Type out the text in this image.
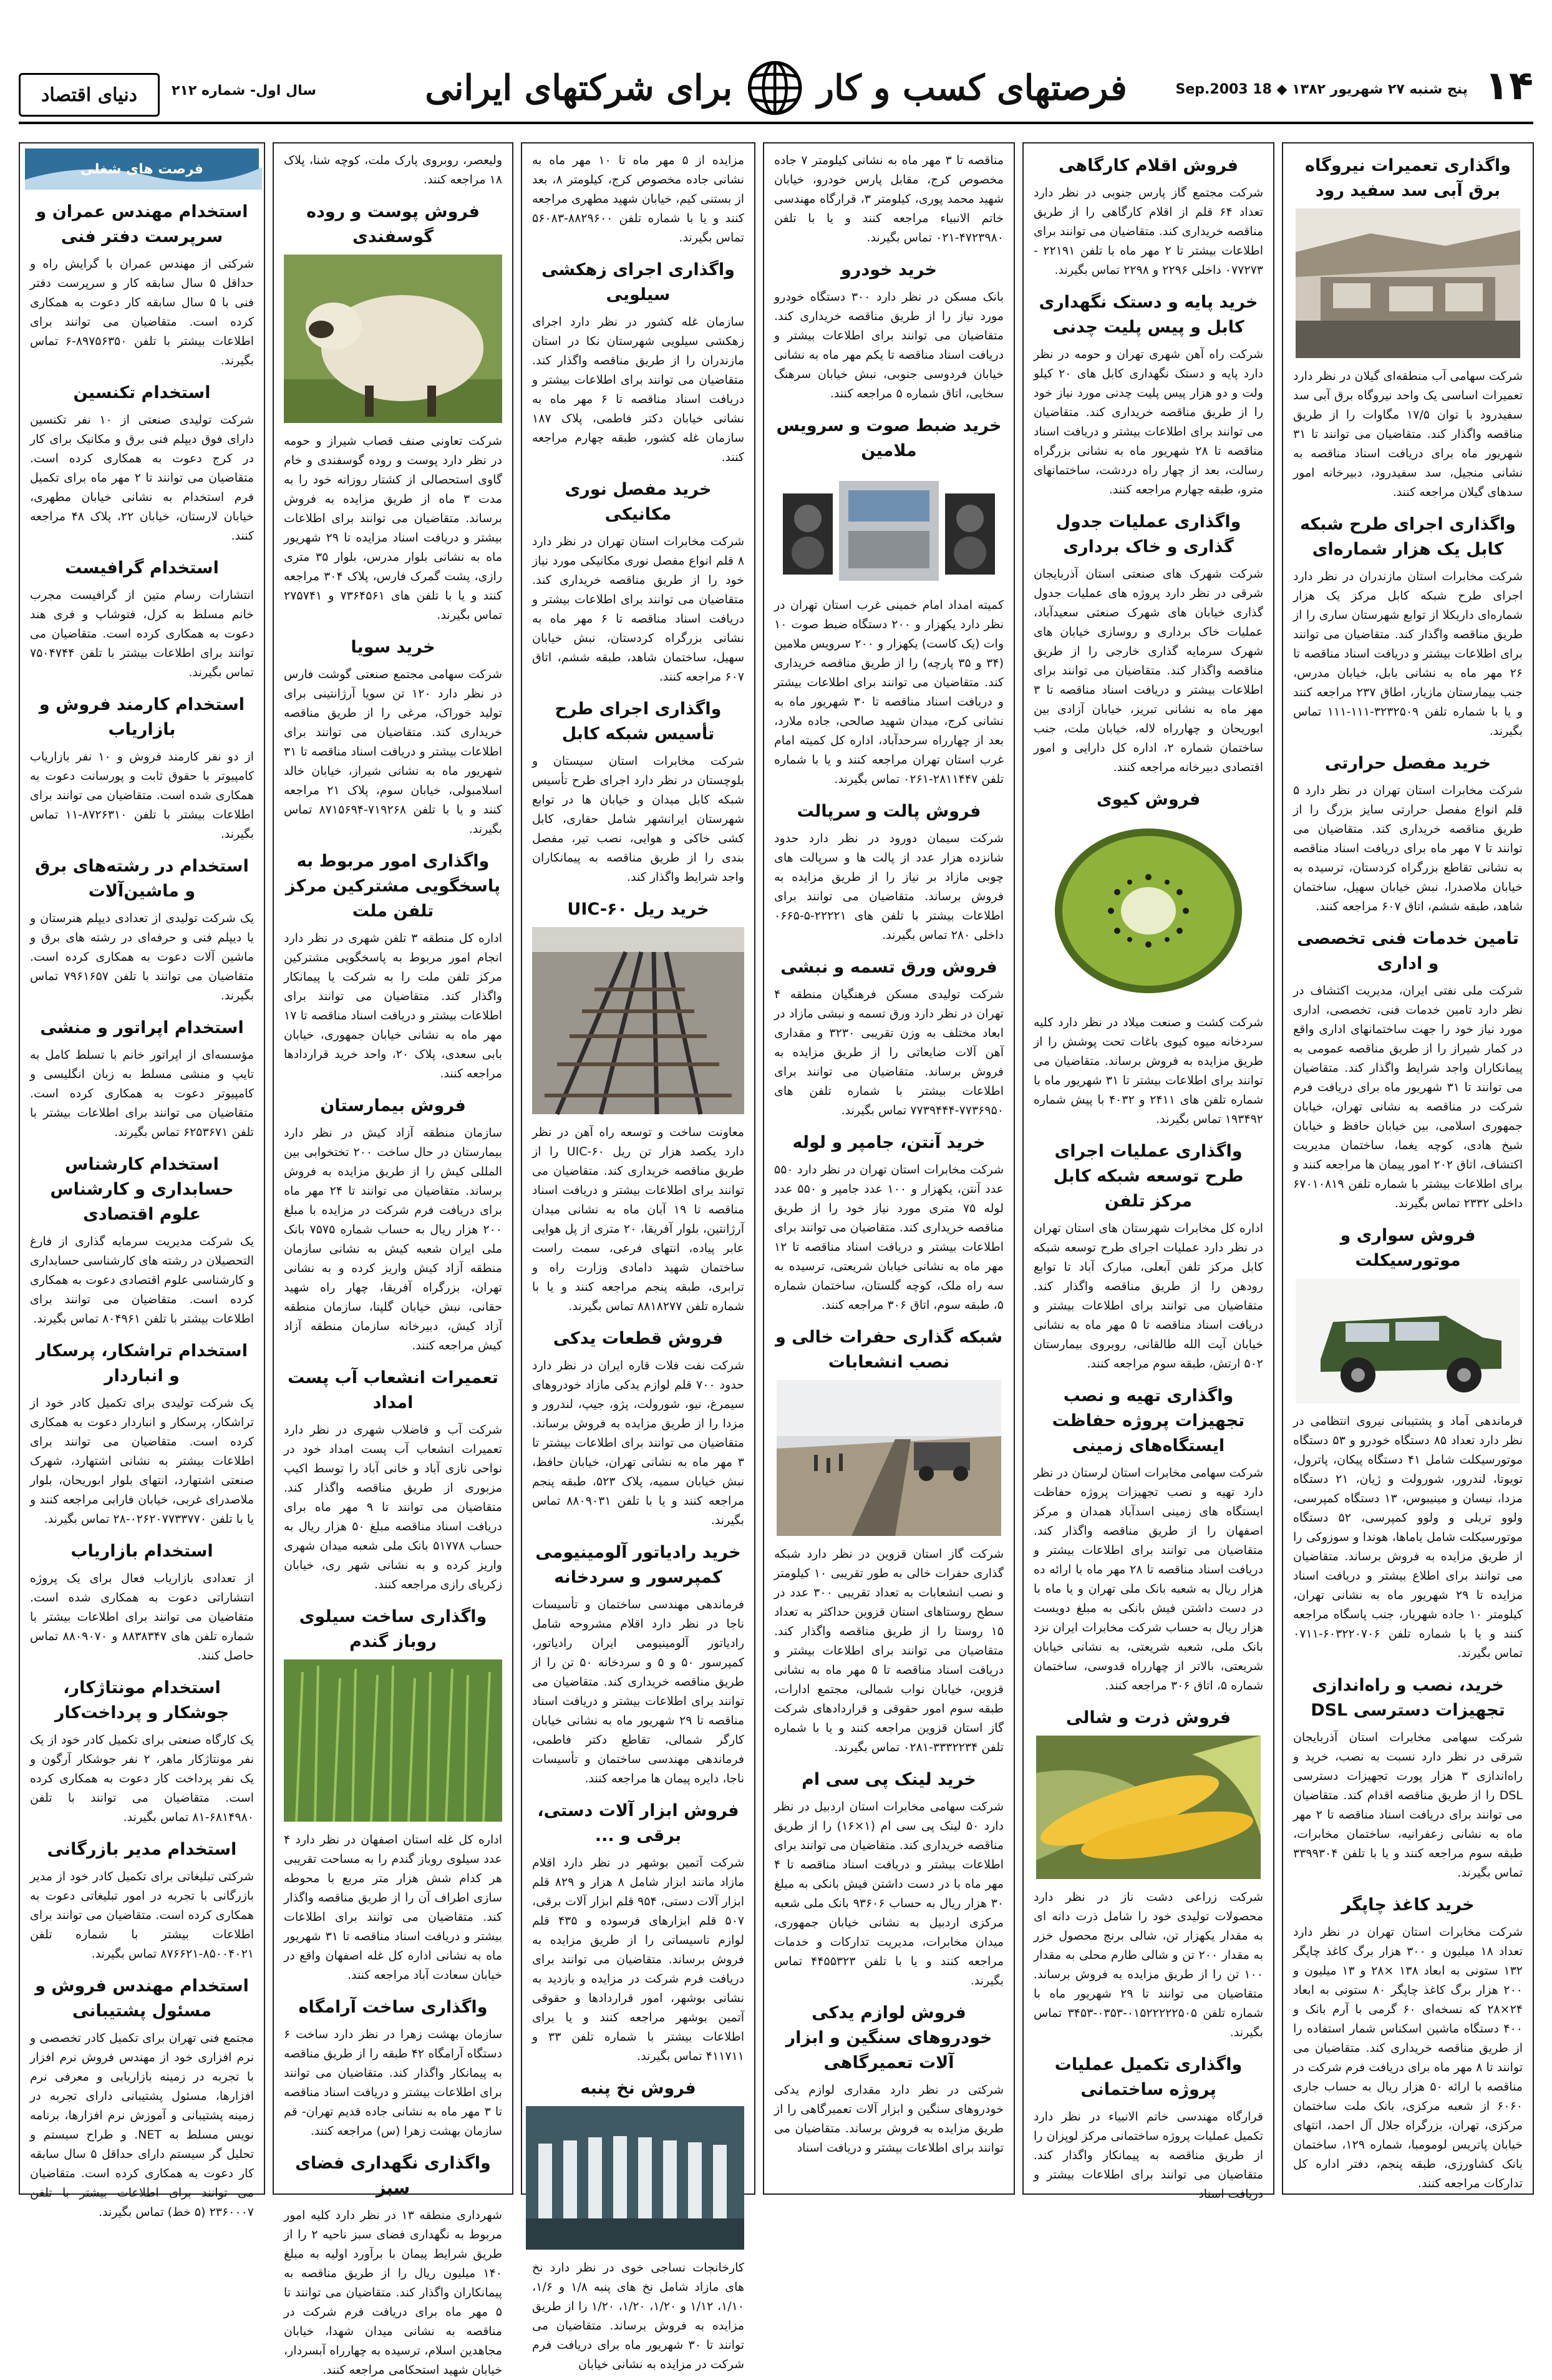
۱۴
پنج شنبه ۲۷ شهریور ۱۳۸۲ ◆ 18 Sep.2003
فرصتهای کسب و کار
برای شرکتهای ایرانی
سال اول- شماره ۲۱۲
دنیای اقتصاد
واگذاری تعمیرات نیروگاه برق آبی سد سفید رود

شرکت سهامی آب منطقه‌ای گیلان در نظر دارد تعمیرات اساسی یک واحد نیروگاه برق آبی سد سفیدرود با توان ۱۷/۵ مگاوات را از طریق مناقصه واگذار کند. متقاضیان می توانند تا ۳۱ شهریور ماه برای دریافت اسناد مناقصه به نشانی منجیل، سد سفیدرود، دبیرخانه امور سدهای گیلان مراجعه کنند.

واگذاری اجرای طرح شبکه کابل یک هزار شماره‌ای

شرکت مخابرات استان مازندران در نظر دارد اجرای طرح شبکه کابل مرکز یک هزار شماره‌ای داریکلا از توابع شهرستان ساری را از طریق مناقصه واگذار کند. متقاضیان می توانند برای اطلاعات بیشتر و دریافت اسناد مناقصه تا ۲۶ مهر ماه به نشانی بابل، خیابان مدرس، جنب بیمارستان مازیار، اطاق ۲۳۷ مراجعه کنند و یا با شماره تلفن ۳۲۳۲۵۰۹-۱۱۱-۱۱۱ تماس بگیرند.

خرید مفصل حرارتی

شرکت مخابرات استان تهران در نظر دارد ۵ قلم انواع مفصل حرارتی سایز بزرگ را از طریق مناقصه خریداری کند. متقاضیان می توانند تا ۷ مهر ماه برای دریافت اسناد مناقصه به نشانی تقاطع بزرگراه کردستان، ترسیده به خیابان ملاصدرا، نبش خیابان سهیل، ساختمان شاهد، طبقه ششم، اتاق ۶۰۷ مراجعه کنند.

تامین خدمات فنی تخصصی و اداری

شرکت ملی نفتی ایران، مدیریت اکتشاف در نظر دارد تامین خدمات فنی، تخصصی، اداری مورد نیاز خود را جهت ساختمانهای اداری واقع در کمار شیراز را از طریق مناقصه عمومی به پیمانکاران واجد شرایط واگذار کند. متقاضیان می توانند تا ۳۱ شهریور ماه برای دریافت فرم شرکت در مناقصه به نشانی تهران، خیابان جمهوری اسلامی، بین خیابان حافظ و خیابان شیخ هادی، کوچه یغما، ساختمان مدیریت اکتشاف، اتاق ۲۰۲ امور پیمان ها مراجعه کنند و برای اطلاعات بیشتر با شماره تلفن ۶۷۰۱۰۸۱۹ داخلی ۲۳۳۲ تماس بگیرند.

فروش سواری و موتورسیکلت

فرماندهی آماد و پشتیبانی نیروی انتظامی در نظر دارد تعداد ۸۵ دستگاه خودرو و ۵۳ دستگاه موتورسیکلت شامل ۴۱ دستگاه پیکان، پاترول، تویوتا، لندرور، شورولت و ژیان، ۲۱ دستگاه مزدا، نیسان و مینیبوس، ۱۳ دستگاه کمپرسی، ولوو تریلی و ولوو کمپرسی، ۵۲ دستگاه موتورسیکلت شامل یاماها، هوندا و سوزوکی را از طریق مزایده به فروش برساند. متقاضیان می توانند برای اطلاع بیشتر و دریافت اسناد مزایده تا ۲۹ شهریور ماه به نشانی تهران، کیلومتر ۱۰ جاده شهریار، جنب پاسگاه مراجعه کنند و یا با شماره تلفن ۶۰۳۲۲۰۷۰۶-۰۷۱۱ تماس بگیرند.

خرید، نصب و راه‌اندازی تجهیزات دسترسی DSL

شرکت سهامی مخابرات استان آذربایجان شرقی در نظر دارد نسبت به نصب، خرید و راه‌اندازی ۳ هزار پورت تجهیزات دسترسی DSL را از طریق مناقصه اقدام کند. متقاضیان می توانند برای دریافت اسناد مناقصه تا ۲ مهر ماه به نشانی زعفرانیه، ساختمان مخابرات، طبقه سوم مراجعه کنند و یا با تلفن ۳۳۹۹۳۰۴ تماس بگیرند.

خرید کاغذ چاپگر

شرکت مخابرات استان تهران در نظر دارد تعداد ۱۸ میلیون و ۳۰۰ هزار برگ کاغذ چاپگر ۱۳۲ ستونی به ابعاد ۱۳۸ ×۲۸ و ۱۳ میلیون و ۲۰۰ هزار برگ کاغذ چاپگر ۸۰ ستونی به ابعاد ۲۴×۲۸ که نسخه‌ای ۶۰ گرمی با آرم بانک و ۴۰۰ دستگاه ماشین اسکناس شمار استفاده را از طریق مناقصه خریداری کند. متقاضیان می توانند تا ۸ مهر ماه برای دریافت فرم شرکت در مناقصه با ارائه ۵۰ هزار ریال به حساب جاری ۶۰۶۰ از شعبه مرکزی، بانک ملت ساختمان مرکزی، تهران، بزرگراه جلال آل احمد، انتهای خیابان پاتریس لومومبا، شماره ۱۲۹، ساختمان بانک کشاورزی، طبقه پنجم، دفتر اداره کل تدارکات مراجعه کنند.

فروش اقلام کارگاهی

شرکت مجتمع گاز پارس جنوبی در نظر دارد تعداد ۶۴ قلم از اقلام کارگاهی را از طریق مناقصه خریداری کند. متقاضیان می توانند برای اطلاعات بیشتر تا ۲ مهر ماه با تلفن ۲۲۱۹۱ - ۰۷۷۲۷۳ داخلی ۲۲۹۶ و ۲۲۹۸ تماس بگیرند.

خرید پایه و دستک نگهداری کابل و پیس پلیت چدنی

شرکت راه آهن شهری تهران و حومه در نظر دارد پایه و دستک نگهداری کابل های ۲۰ کیلو ولت و دو هزار پیس پلیت چدنی مورد نیاز خود را از طریق مناقصه خریداری کند. متقاضیان می توانند برای اطلاعات بیشتر و دریافت اسناد مناقصه تا ۲۸ شهریور ماه به نشانی بزرگراه رسالت، بعد از چهار راه دردشت، ساختمانهای مترو، طبقه چهارم مراجعه کنند.

واگذاری عملیات جدول گذاری و خاک برداری

شرکت شهرک های صنعتی استان آذربایجان شرقی در نظر دارد پروژه های عملیات جدول گذاری خیابان های شهرک صنعتی سعیدآباد، عملیات خاک برداری و روسازی خیابان های شهرک سرمایه گذاری خارجی را از طریق مناقصه واگذار کند. متقاضیان می توانند برای اطلاعات بیشتر و دریافت اسناد مناقصه تا ۳ مهر ماه به نشانی تبریز، خیابان آزادی بین ابوریحان و چهارراه لاله، خیابان ملت، جنب ساختمان شماره ۲، اداره کل دارایی و امور اقتصادی دبیرخانه مراجعه کنند.

فروش کیوی

شرکت کشت و صنعت میلاد در نظر دارد کلیه سردخانه میوه کیوی باغات تحت پوشش را از طریق مزایده به فروش برساند. متقاضیان می توانند برای اطلاعات بیشتر تا ۳۱ شهریور ماه با شماره تلفن های ۲۴۱۱ و ۴۰۳۲ با پیش شماره ۱۹۳۴۹۲ تماس بگیرند.

واگذاری عملیات اجرای طرح توسعه شبکه کابل مرکز تلفن

اداره کل مخابرات شهرستان های استان تهران در نظر دارد عملیات اجرای طرح توسعه شبکه کابل مرکز تلفن آبعلی، مبارک آباد تا توابع رودهن را از طریق مناقصه واگذار کند. متقاضیان می توانند برای اطلاعات بیشتر و دریافت اسناد مناقصه تا ۵ مهر ماه به نشانی خیابان آیت الله طالقانی، روبروی بیمارستان ۵۰۲ ارتش، طبقه سوم مراجعه کنند.

واگذاری تهیه و نصب تجهیزات پروژه حفاظت ایستگاه‌های زمینی

شرکت سهامی مخابرات استان لرستان در نظر دارد تهیه و نصب تجهیزات پروژه حفاظت ایستگاه های زمینی اسدآباد همدان و مرکز اصفهان را از طریق مناقصه واگذار کند. متقاضیان می توانند برای اطلاعات بیشتر و دریافت اسناد مناقصه تا ۲۸ مهر ماه با ارائه ده هزار ریال به شعبه بانک ملی تهران و یا ماه با در دست داشتن فیش بانکی به مبلغ دویست هزار ریال به حساب شرکت مخابرات ایران نزد بانک ملی، شعبه شریعتی، به نشانی خیابان شریعتی، بالاتر از چهارراه قدوسی، ساختمان شماره ۵، اتاق ۳۰۶ مراجعه کنند.

فروش ذرت و شالی

شرکت زراعی دشت ناز در نظر دارد محصولات تولیدی خود را شامل ذرت دانه ای به مقدار یکهزار تن، شالی برنج محصول خزر به مقدار ۲۰۰ تن و شالی طارم محلی به مقدار ۱۰۰ تن را از طریق مزایده به فروش برساند. متقاضیان می توانند تا ۲۹ شهریور ماه با شماره تلفن ۰۱۵۲۲۲۲۲۵۰۵-۰۳۵۳-۳۴۵۳ تماس بگیرند.

واگذاری تکمیل عملیات پروژه ساختمانی

قرارگاه مهندسی خاتم الانبیاء در نظر دارد تکمیل عملیات پروژه ساختمانی مرکز لوپزان را از طریق مناقصه به پیمانکار واگذار کند. متقاضیان می توانند برای اطلاعات بیشتر و دریافت اسناد

مناقصه تا ۳ مهر ماه به نشانی کیلومتر ۷ جاده مخصوص کرج، مقابل پارس خودرو، خیابان شهید محمد پوری، کیلومتر ۳، قرارگاه مهندسی خاتم الانبیاء مراجعه کنند و یا با تلفن ۴۷۲۳۹۸۰-۰۲۱ تماس بگیرند.

خرید خودرو

بانک مسکن در نظر دارد ۳۰۰ دستگاه خودرو مورد نیاز را از طریق مناقصه خریداری کند. متقاضیان می توانند برای اطلاعات بیشتر و دریافت اسناد مناقصه تا یکم مهر ماه به نشانی خیابان فردوسی جنوبی، نبش خیابان سرهنگ سخایی، اتاق شماره ۵ مراجعه کنند.

خرید ضبط صوت و سرویس ملامین

کمیته امداد امام خمینی غرب استان تهران در نظر دارد یکهزار و ۲۰۰ دستگاه ضبط صوت ۱۰ وات (یک کاست) یکهزار و ۲۰۰ سرویس ملامین (۳۴ و ۳۵ پارچه) را از طریق مناقصه خریداری کند. متقاضیان می توانند برای اطلاعات بیشتر و دریافت اسناد مناقصه تا ۳۰ شهریور ماه به نشانی کرج، میدان شهید صالحی، جاده ملارد، بعد از چهارراه سرحدآباد، اداره کل کمیته امام غرب استان تهران مراجعه کنند و یا با شماره تلفن ۲۸۱۱۴۴۷-۰۲۶۱ تماس بگیرند.

فروش پالت و سرپالت

شرکت سیمان دورود در نظر دارد حدود شانزده هزار عدد از پالت ها و سرپالت های چوبی مازاد بر نیاز را از طریق مزایده به فروش برساند. متقاضیان می توانند برای اطلاعات بیشتر با تلفن های ۲۲۲۲۱-۵-۰۶۶۵ داخلی ۲۸۰ تماس بگیرند.

فروش ورق تسمه و نبشی

شرکت تولیدی مسکن فرهنگیان منطقه ۴ تهران در نظر دارد ورق تسمه و نبشی مازاد در ابعاد مختلف به وزن تقریبی ۳۲۳۰ و مقداری آهن آلات ضایعاتی را از طریق مزایده به فروش برساند. متقاضیان می توانند برای اطلاعات بیشتر با شماره تلفن های ۷۷۳۶۹۵۰-۷۷۳۹۴۴۴ تماس بگیرند.

خرید آنتن، جامپر و لوله

شرکت مخابرات استان تهران در نظر دارد ۵۵۰ عدد آنتن، یکهزار و ۱۰۰ عدد جامپر و ۵۵۰ عدد لوله ۷۵ متری مورد نیاز خود را از طریق مناقصه خریداری کند. متقاضیان می توانند برای اطلاعات بیشتر و دریافت اسناد مناقصه تا ۱۲ مهر ماه به نشانی خیابان شریعتی، ترسیده به سه راه ملک، کوچه گلستان، ساختمان شماره ۵، طبقه سوم، اتاق ۳۰۶ مراجعه کنند.

شبکه گذاری حفرات خالی و نصب انشعابات

شرکت گاز استان قزوین در نظر دارد شبکه گذاری حفرات خالی به طور تقریبی ۱۰ کیلومتر و نصب انشعابات به تعداد تقریبی ۳۰۰ عدد در سطح روستاهای استان قزوین حداکثر به تعداد ۱۵ روستا را از طریق مناقصه واگذار کند. متقاضیان می توانند برای اطلاعات بیشتر و دریافت اسناد مناقصه تا ۵ مهر ماه به نشانی قزوین، خیابان نواب شمالی، مجتمع ادارات، طبقه سوم امور حقوقی و قراردادهای شرکت گاز استان قزوین مراجعه کنند و یا با شماره تلفن ۳۳۳۲۲۳۴-۰۲۸۱ تماس بگیرند.

خرید لینک پی سی ام

شرکت سهامی مخابرات استان اردبیل در نظر دارد ۵۰ لینک پی سی ام (۱×۱۶) را از طریق مناقصه خریداری کند. متقاضیان می توانند برای اطلاعات بیشتر و دریافت اسناد مناقصه تا ۴ مهر ماه با در دست داشتن فیش بانکی به مبلغ ۳۰ هزار ریال به حساب ۹۳۶۰۶ بانک ملی شعبه مرکزی اردبیل به نشانی خیابان جمهوری، میدان مخابرات، مدیریت تدارکات و خدمات مراجعه کنند و یا با تلفن ۴۴۵۵۳۲۳ تماس بگیرند.

فروش لوازم یدکی خودروهای سنگین و ابزار آلات تعمیرگاهی

شرکتی در نظر دارد مقداری لوازم یدکی خودروهای سنگین و ابزار آلات تعمیرگاهی را از طریق مزایده به فروش برساند. متقاضیان می توانند برای اطلاعات بیشتر و دریافت اسناد

مزایده از ۵ مهر ماه تا ۱۰ مهر ماه به نشانی جاده مخصوص کرج، کیلومتر ۸، بعد از بستنی کیم، خیابان شهید مطهری مراجعه کنند و یا با شماره تلفن ۸۸۲۹۶۰۰-۵۶۰۸۳ تماس بگیرند.

واگذاری اجرای زهکشی سیلویی

سازمان غله کشور در نظر دارد اجرای زهکشی سیلویی شهرستان نکا در استان مازندران را از طریق مناقصه واگذار کند. متقاضیان می توانند برای اطلاعات بیشتر و دریافت اسناد مناقصه تا ۶ مهر ماه به نشانی خیابان دکتر فاطمی، پلاک ۱۸۷ سازمان غله کشور، طبقه چهارم مراجعه کنند.

خرید مفصل نوری مکانیکی

شرکت مخابرات استان تهران در نظر دارد ۸ قلم انواع مفصل نوری مکانیکی مورد نیاز خود را از طریق مناقصه خریداری کند. متقاضیان می توانند برای اطلاعات بیشتر و دریافت اسناد مناقصه تا ۶ مهر ماه به نشانی بزرگراه کردستان، نبش خیابان سهیل، ساختمان شاهد، طبقه ششم، اتاق ۶۰۷ مراجعه کنند.

واگذاری اجرای طرح تأسیس شبکه کابل

شرکت مخابرات استان سیستان و بلوچستان در نظر دارد اجرای طرح تأسیس شبکه کابل میدان و خیابان ها در توابع شهرستان ایرانشهر شامل حفاری، کابل کشی خاکی و هوایی، نصب تیر، مفصل بندی را از طریق مناقصه به پیمانکاران واجد شرایط واگذار کند.

خرید ریل UIC-۶۰

معاونت ساخت و توسعه راه آهن در نظر دارد یکصد هزار تن ریل UIC-۶۰ را از طریق مناقصه خریداری کند. متقاضیان می توانند برای اطلاعات بیشتر و دریافت اسناد مناقصه تا ۱۹ آبان ماه به نشانی میدان آرژانتین، بلوار آفریقا، ۲۰ متری از پل هوایی عابر پیاده، انتهای فرعی، سمت راست ساختمان شهید دامادی وزارت راه و ترابری، طبقه پنجم مراجعه کنند و یا با شماره تلفن ۸۸۱۸۲۷۷ تماس بگیرند.

فروش قطعات یدکی

شرکت نفت فلات قاره ایران در نظر دارد حدود ۷۰۰ قلم لوازم یدکی مازاد خودروهای سیمرغ، نیو، شورولت، پژو، جیپ، لندرور و مزدا را از طریق مزایده به فروش برساند. متقاضیان می توانند برای اطلاعات بیشتر تا ۳ مهر ماه به نشانی تهران، خیابان حافظ، نبش خیابان سمیه، پلاک ۵۲۳، طبقه پنجم مراجعه کنند و یا با تلفن ۸۸۰۹۰۳۱ تماس بگیرند.

خرید رادیاتور آلومینیومی کمپرسور و سردخانه

فرماندهی مهندسی ساختمان و تأسیسات ناجا در نظر دارد اقلام مشروحه شامل رادیاتور آلومینیومی ایران رادیاتور، کمپرسور ۵۰ و ۵ و سردخانه ۵۰ تن را از طریق مناقصه خریداری کند. متقاضیان می توانند برای اطلاعات بیشتر و دریافت اسناد مناقصه تا ۲۹ شهریور ماه به نشانی خیابان کارگر شمالی، تقاطع دکتر فاطمی، فرماندهی مهندسی ساختمان و تأسیسات ناجا، دایره پیمان ها مراجعه کنند.

فروش ابزار آلات دستی، برقی و ...

شرکت آتمین بوشهر در نظر دارد اقلام مازاد مانند ابزار شامل ۸ هزار و ۸۲۹ قلم ابزار آلات دستی، ۹۵۴ قلم ابزار آلات برقی، ۵۰۷ قلم ابزارهای فرسوده و ۴۳۵ قلم لوازم تاسیساتی را از طریق مزایده به فروش برساند. متقاضیان می توانند برای دریافت فرم شرکت در مزایده و بازدید به نشانی بوشهر، امور قراردادها و حقوقی آتمین بوشهر مراجعه کنند و یا برای اطلاعات بیشتر با شماره تلفن ۳۳ و ۴۱۱۷۱۱ تماس بگیرند.

فروش نخ پنبه

کارخانجات نساجی خوی در نظر دارد نخ های مازاد شامل نخ های پنبه ۱/۸ و ۱/۶، ۱/۱۰، ۱/۱۲ و ۱/۲۰، ۱/۲۰، ۱/۲۰ را از طریق مزایده به فروش برساند. متقاضیان می توانند تا ۳۰ شهریور ماه برای دریافت فرم شرکت در مزایده به نشانی خیابان

ولیعصر، روبروی پارک ملت، کوچه شنا، پلاک ۱۸ مراجعه کنند.

فروش پوست و روده گوسفندی

شرکت تعاونی صنف قصاب شیراز و حومه در نظر دارد پوست و روده گوسفندی و خام گاوی استحصالی از کشتار روزانه خود را به مدت ۳ ماه از طریق مزایده به فروش برساند. متقاضیان می توانند برای اطلاعات بیشتر و دریافت اسناد مزایده تا ۲۹ شهریور ماه به نشانی بلوار مدرس، بلوار ۳۵ متری رازی، پشت گمرک فارس، پلاک ۳۰۴ مراجعه کنند و یا با تلفن های ۷۳۶۴۵۶۱ و ۲۷۵۷۴۱ تماس بگیرند.

خرید سویا

شرکت سهامی مجتمع صنعتی گوشت فارس در نظر دارد ۱۲۰ تن سویا آرژانتینی برای تولید خوراک، مرغی را از طریق مناقصه خریداری کند. متقاضیان می توانند برای اطلاعات بیشتر و دریافت اسناد مناقصه تا ۳۱ شهریور ماه به نشانی شیراز، خیابان خالد اسلامبولی، خیابان سوم، پلاک ۲۱ مراجعه کنند و یا با تلفن ۷۱۹۲۶۸-۸۷۱۵۶۹۴ تماس بگیرند.

واگذاری امور مربوط به پاسخگویی مشترکین مرکز تلفن ملت

اداره کل منطقه ۳ تلفن شهری در نظر دارد انجام امور مربوط به پاسخگویی مشترکین مرکز تلفن ملت را به شرکت یا پیمانکار واگذار کند. متقاضیان می توانند برای اطلاعات بیشتر و دریافت اسناد مناقصه تا ۱۷ مهر ماه به نشانی خیابان جمهوری، خیابان بابی سعدی، پلاک ۲۰، واحد خرید قراردادها مراجعه کنند.

فروش بیمارستان

سازمان منطقه آزاد کیش در نظر دارد بیمارستان در حال ساخت ۲۰۰ تختخوابی بین المللی کیش را از طریق مزایده به فروش برساند. متقاضیان می توانند تا ۲۴ مهر ماه برای دریافت فرم شرکت در مزایده با مبلغ ۲۰۰ هزار ریال به حساب شماره ۷۵۷۵ بانک ملی ایران شعبه کیش به نشانی سازمان منطقه آزاد کیش واریز کرده و به نشانی تهران، بزرگراه آفریقا، چهار راه شهید حقانی، نبش خیابان گلپنا، سازمان منطقه آزاد کیش، دبیرخانه سازمان منطقه آزاد کیش مراجعه کنند.

تعمیرات انشعاب آب پست امداد

شرکت آب و فاضلاب شهری در نظر دارد تعمیرات انشعاب آب پست امداد خود در نواحی نازی آباد و خانی آباد را توسط اکیپ مزبوری از طریق مناقصه واگذار کند. متقاضیان می توانند تا ۹ مهر ماه برای دریافت اسناد مناقصه مبلغ ۵۰ هزار ریال به حساب ۵۱۷۷۸ بانک ملی شعبه میدان شهری واریز کرده و به نشانی شهر ری، خیابان زکریای رازی مراجعه کنند.

واگذاری ساخت سیلوی روباز گندم

اداره کل غله استان اصفهان در نظر دارد ۴ عدد سیلوی روباز گندم را به مساحت تقریبی هر کدام شش هزار متر مربع با محوطه سازی اطراف آن را از طریق مناقصه واگذار کند. متقاضیان می توانند برای اطلاعات بیشتر و دریافت اسناد مناقصه تا ۳۱ شهریور ماه به نشانی اداره کل غله اصفهان واقع در خیابان سعادت آباد مراجعه کنند.

واگذاری ساخت آرامگاه

سازمان بهشت زهرا در نظر دارد ساخت ۶ دستگاه آرامگاه ۴۲ طبقه را از طریق مناقصه به پیمانکار واگذار کند. متقاضیان می توانند برای اطلاعات بیشتر و دریافت اسناد مناقصه تا ۳ مهر ماه به نشانی جاده قدیم تهران- قم سازمان بهشت زهرا (س) مراجعه کنند.

واگذاری نگهداری فضای سبز

شهرداری منطقه ۱۳ در نظر دارد کلیه امور مربوط به نگهداری فضای سبز ناحیه ۲ را از طریق شرایط پیمان با برآورد اولیه به مبلغ ۱۴۰ میلیون ریال را از طریق مناقصه به پیمانکاران واگذار کند. متقاضیان می توانند تا ۵ مهر ماه برای دریافت فرم شرکت در مناقصه به نشانی میدان شهدا، خیابان مجاهدین اسلام، ترسیده به چهارراه آبسردار، خیابان شهید استحکامی مراجعه کنند.

فرصت های شغلی
استخدام مهندس عمران و سرپرست دفتر فنی

شرکتی از مهندس عمران با گرایش راه و حداقل ۵ سال سابقه کار و سرپرست دفتر فنی با ۵ سال سابقه کار دعوت به همکاری کرده است. متقاضیان می توانند برای اطلاعات بیشتر با تلفن ۸۹۷۵۶۳۵۰-۶ تماس بگیرند.

استخدام تکنسین

شرکت تولیدی صنعتی از ۱۰ نفر تکنسین دارای فوق دیپلم فنی برق و مکانیک برای کار در کرج دعوت به همکاری کرده است. متقاضیان می توانند تا ۲ مهر ماه برای تکمیل فرم استخدام به نشانی خیابان مطهری، خیابان لارستان، خیابان ۲۲، پلاک ۴۸ مراجعه کنند.

استخدام گرافیست

انتشارات رسام متین از گرافیست مجرب خانم مسلط به کرل، فتوشاپ و فری هند دعوت به همکاری کرده است. متقاضیان می توانند برای اطلاعات بیشتر با تلفن ۷۵۰۴۷۴۴ تماس بگیرند.

استخدام کارمند فروش و بازاریاب

از دو نفر کارمند فروش و ۱۰ نفر بازاریاب کامپیوتر با حقوق ثابت و پورسانت دعوت به همکاری شده است. متقاضیان می توانند برای اطلاعات بیشتر با تلفن ۸۷۲۶۳۱۰-۱۱ تماس بگیرند.

استخدام در رشته‌های برق و ماشین‌آلات

یک شرکت تولیدی از تعدادی دیپلم هنرستان و یا دیپلم فنی و حرفه‌ای در رشته های برق و ماشین آلات دعوت به همکاری کرده است. متقاضیان می توانند با تلفن ۷۹۶۱۶۵۷ تماس بگیرند.

استخدام اپراتور و منشی

مؤسسه‌ای از اپراتور خانم با تسلط کامل به تایپ و منشی مسلط به زبان انگلیسی و کامپیوتر دعوت به همکاری کرده است. متقاضیان می توانند برای اطلاعات بیشتر با تلفن ۶۲۵۳۶۷۱ تماس بگیرند.

استخدام کارشناس حسابداری و کارشناس علوم اقتصادی

یک شرکت مدیریت سرمایه گذاری از فارغ التحصیلان در رشته های کارشناسی حسابداری و کارشناسی علوم اقتصادی دعوت به همکاری کرده است. متقاضیان می توانند برای اطلاعات بیشتر با تلفن ۸۰۴۹۶۱ تماس بگیرند.

استخدام تراشکار، پرسکار و انباردار

یک شرکت تولیدی برای تکمیل کادر خود از تراشکار، پرسکار و انباردار دعوت به همکاری کرده است. متقاضیان می توانند برای اطلاعات بیشتر به نشانی اشتهارد، شهرک صنعتی اشتهارد، انتهای بلوار ابوریحان، بلوار ملاصدرای غربی، خیابان فارابی مراجعه کنند و یا با تلفن ۰۲۶۲۰۷۷۳۳۷۷۰-۲۸ تماس بگیرند.

استخدام بازاریاب

از تعدادی بازاریاب فعال برای یک پروژه انتشاراتی دعوت به همکاری شده است. متقاضیان می توانند برای اطلاعات بیشتر با شماره تلفن های ۸۸۳۸۳۴۷ و ۸۸۰۹۰۷۰ تماس حاصل کنند.

استخدام مونتاژکار، جوشکار و پرداخت‌کار

یک کارگاه صنعتی برای تکمیل کادر خود از یک نفر مونتاژکار ماهر، ۲ نفر جوشکار آرگون و یک نفر پرداخت کار دعوت به همکاری کرده است. متقاضیان می توانند با تلفن ۶۸۱۴۹۸۰-۸۱ تماس بگیرند.

استخدام مدیر بازرگانی

شرکتی تبلیغاتی برای تکمیل کادر خود از مدیر بازرگانی با تجربه در امور تبلیغاتی دعوت به همکاری کرده است. متقاضیان می توانند برای اطلاعات بیشتر با شماره تلفن ۸۵۰۰۴۰۲۱-۸۷۶۶۲۱ تماس بگیرند.

استخدام مهندس فروش و مسئول پشتیبانی

مجتمع فنی تهران برای تکمیل کادر تخصصی و نرم افزاری خود از مهندس فروش نرم افزار با تجربه در زمینه بازاریابی و معرفی نرم افزارها، مسئول پشتیبانی دارای تجربه در زمینه پشتیبانی و آموزش نرم افزارها، برنامه نویس مسلط به NET. و طراح سیستم و تحلیل گر سیستم دارای حداقل ۵ سال سابقه کار دعوت به همکاری کرده است. متقاضیان می توانند برای اطلاعات بیشتر با تلفن ۲۳۶۰۰۰۷ (۵ خط) تماس بگیرند.
